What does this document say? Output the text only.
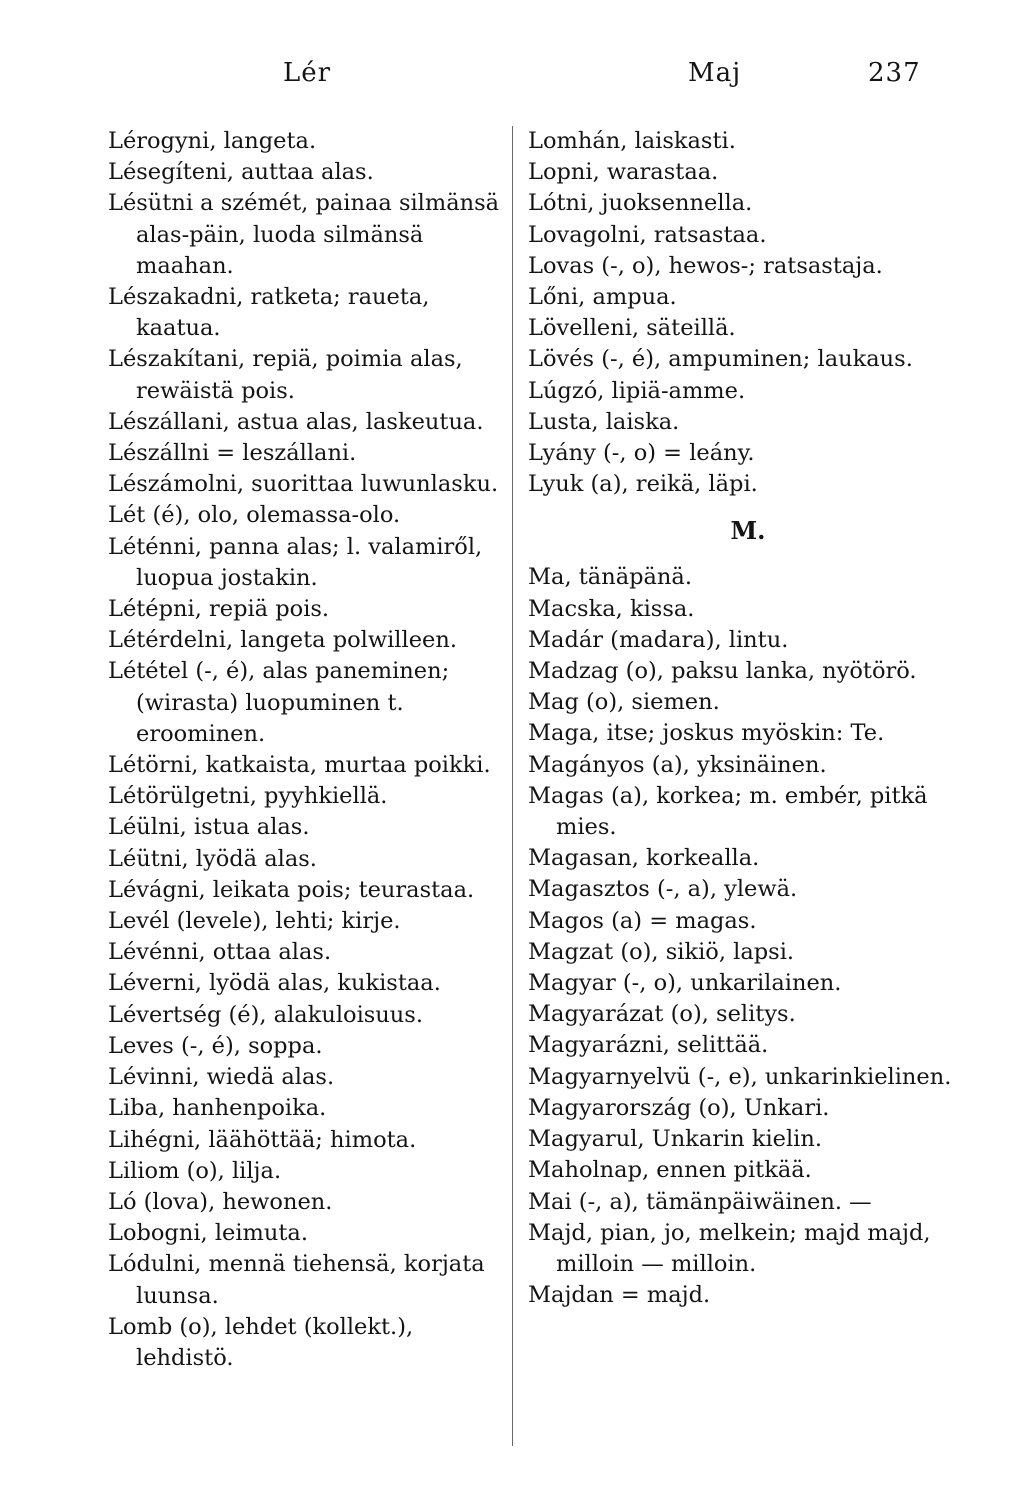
Lér	Maj	237
Lérogyni, langeta.
Lésegíteni, auttaa alas.
Lésütni a szémét, painaa silmänsä alas-päin, luoda silmänsä maahan.
Lészakadni, ratketa; raueta, kaatua.
Lészakítani, repiä, poimia alas, rewäistä pois.
Lészállani, astua alas, laskeutua.
Lészállni = leszállani.
Lészámolni, suorittaa luwunlasku.
Lét (é), olo, olemassa-olo.
Léténni, panna alas; l. valamiről, luopua jostakin.
Létépni, repiä pois.
Létérdelni, langeta polwilleen.
Lététel (-, é), alas paneminen; (wirasta) luopuminen t. eroominen.
Létörni, katkaista, murtaa poikki.
Létörülgetni, pyyhkiellä.
Léülni, istua alas.
Léütni, lyödä alas.
Lévágni, leikata pois; teurastaa.
Levél (levele), lehti; kirje.
Lévénni, ottaa alas.
Léverni, lyödä alas, kukistaa.
Lévertség (é), alakuloisuus.
Leves (-, é), soppa.
Lévinni, wiedä alas.
Liba, hanhenpoika.
Lihégni, läähöttää; himota.
Liliom (o), lilja.
Ló (lova), hewonen.
Lobogni, leimuta.
Lódulni, mennä tiehensä, korjata luunsa.
Lomb (o), lehdet (kollekt.), lehdistö.
Lomhán, laiskasti.
Lopni, warastaa.
Lótni, juoksennella.
Lovagolni, ratsastaa.
Lovas (-, o), hewos-; ratsastaja.
Lőni, ampua.
Lövelleni, säteillä.
Lövés (-, é), ampuminen; laukaus.
Lúgzó, lipiä-amme.
Lusta, laiska.
Lyány (-, o) = leány.
Lyuk (a), reikä, läpi.
M.
Ma, tänäpänä.
Macska, kissa.
Madár (madara), lintu.
Madzag (o), paksu lanka, nyötörö.
Mag (o), siemen.
Maga, itse; joskus myöskin: Te.
Magányos (a), yksinäinen.
Magas (a), korkea; m. embér, pitkä mies.
Magasan, korkealla.
Magasztos (-, a), ylewä.
Magos (a) = magas.
Magzat (o), sikiö, lapsi.
Magyar (-, o), unkarilainen.
Magyarázat (o), selitys.
Magyarázni, selittää.
Magyarnyelvü (-, e), unkarinkielinen.
Magyarország (o), Unkari.
Magyarul, Unkarin kielin.
Maholnap, ennen pitkää.
Mai (-, a), tämänpäiwäinen. —
Majd, pian, jo, melkein; majd majd, milloin — milloin.
Majdan = majd.
